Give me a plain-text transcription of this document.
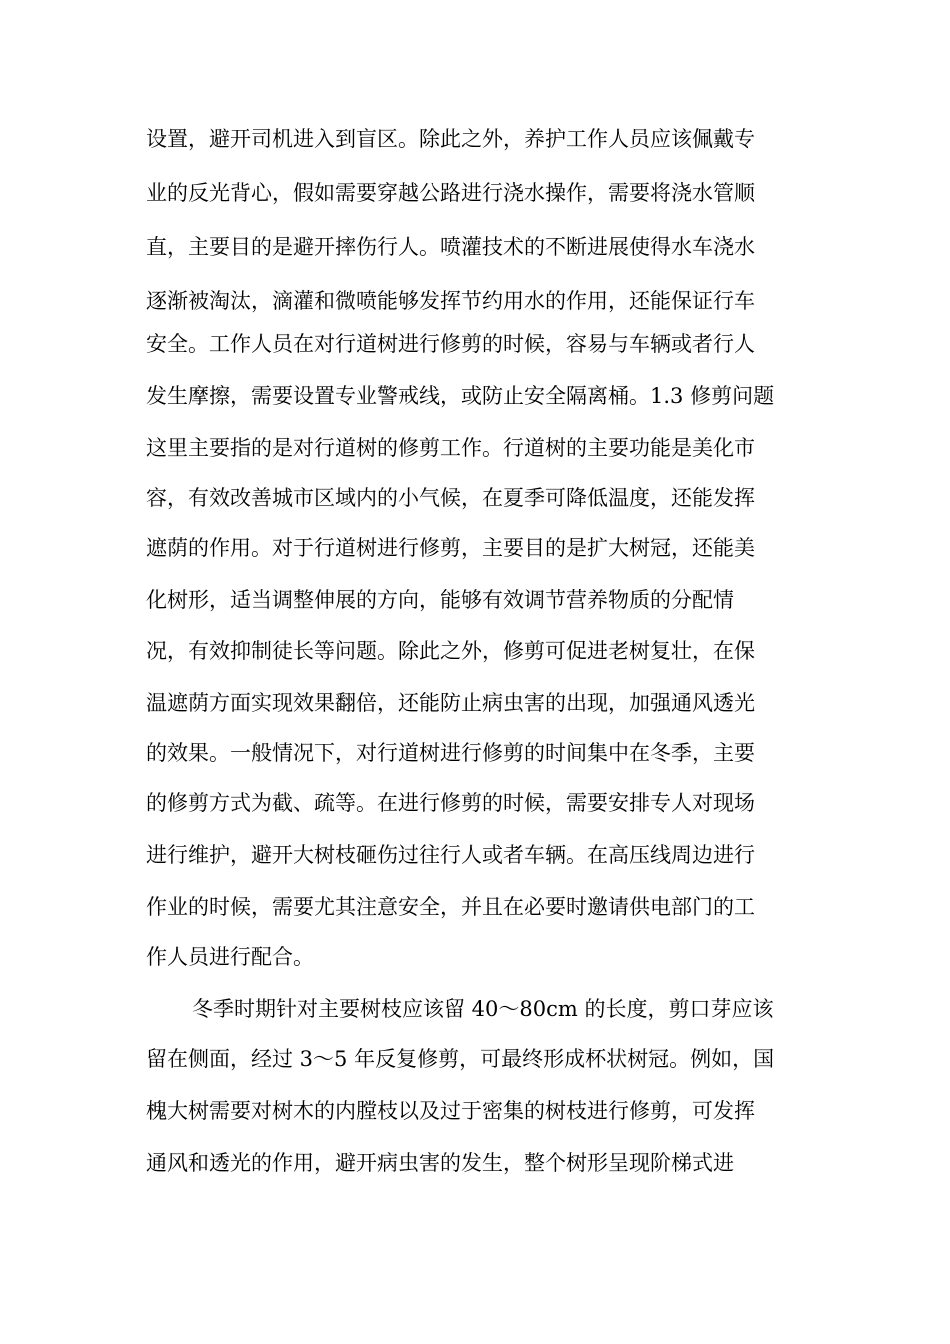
设置，避开司机进入到盲区。除此之外，养护工作人员应该佩戴专
业的反光背心，假如需要穿越公路进行浇水操作，需要将浇水管顺
直，主要目的是避开摔伤行人。喷灌技术的不断进展使得水车浇水
逐渐被淘汰，滴灌和微喷能够发挥节约用水的作用，还能保证行车
安全。工作人员在对行道树进行修剪的时候，容易与车辆或者行人
发生摩擦，需要设置专业警戒线，或防止安全隔离桶。1.3 修剪问题
这里主要指的是对行道树的修剪工作。行道树的主要功能是美化市
容，有效改善城市区域内的小气候，在夏季可降低温度，还能发挥
遮荫的作用。对于行道树进行修剪，主要目的是扩大树冠，还能美
化树形，适当调整伸展的方向，能够有效调节营养物质的分配情
况，有效抑制徒长等问题。除此之外，修剪可促进老树复壮，在保
温遮荫方面实现效果翻倍，还能防止病虫害的出现，加强通风透光
的效果。一般情况下，对行道树进行修剪的时间集中在冬季，主要
的修剪方式为截、疏等。在进行修剪的时候，需要安排专人对现场
进行维护，避开大树枝砸伤过往行人或者车辆。在高压线周边进行
作业的时候，需要尤其注意安全，并且在必要时邀请供电部门的工
作人员进行配合。
冬季时期针对主要树枝应该留 40～80cm 的长度，剪口芽应该
留在侧面，经过 3～5 年反复修剪，可最终形成杯状树冠。例如，国
槐大树需要对树木的内膛枝以及过于密集的树枝进行修剪，可发挥
通风和透光的作用，避开病虫害的发生，整个树形呈现阶梯式进
